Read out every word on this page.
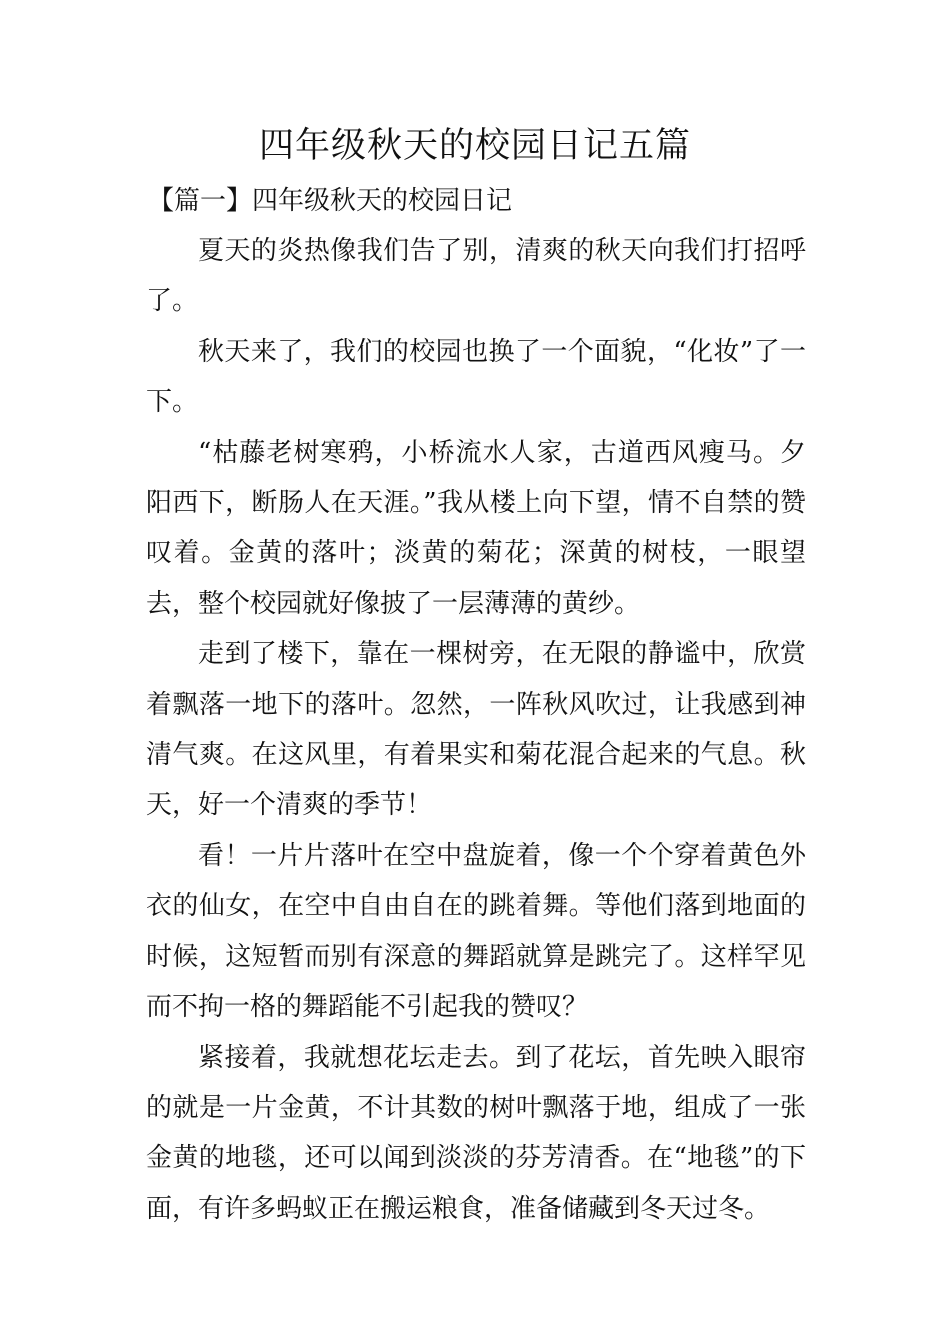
四年级秋天的校园日记五篇
【篇一】四年级秋天的校园日记

夏天的炎热像我们告了别，清爽的秋天向我们打招呼了。

秋天来了，我们的校园也换了一个面貌，“化妆”了一下。

“枯藤老树寒鸦，小桥流水人家，古道西风瘦马。夕阳西下，断肠人在天涯。”我从楼上向下望，情不自禁的赞叹着。金黄的落叶；淡黄的菊花；深黄的树枝，一眼望去，整个校园就好像披了一层薄薄的黄纱。

走到了楼下，靠在一棵树旁，在无限的静谧中，欣赏着飘落一地下的落叶。忽然，一阵秋风吹过，让我感到神清气爽。在这风里，有着果实和菊花混合起来的气息。秋天，好一个清爽的季节！

看！一片片落叶在空中盘旋着，像一个个穿着黄色外衣的仙女，在空中自由自在的跳着舞。等他们落到地面的时候，这短暂而别有深意的舞蹈就算是跳完了。这样罕见而不拘一格的舞蹈能不引起我的赞叹？

紧接着，我就想花坛走去。到了花坛，首先映入眼帘的就是一片金黄，不计其数的树叶飘落于地，组成了一张金黄的地毯，还可以闻到淡淡的芬芳清香。在“地毯”的下面，有许多蚂蚁正在搬运粮食，准备储藏到冬天过冬。
